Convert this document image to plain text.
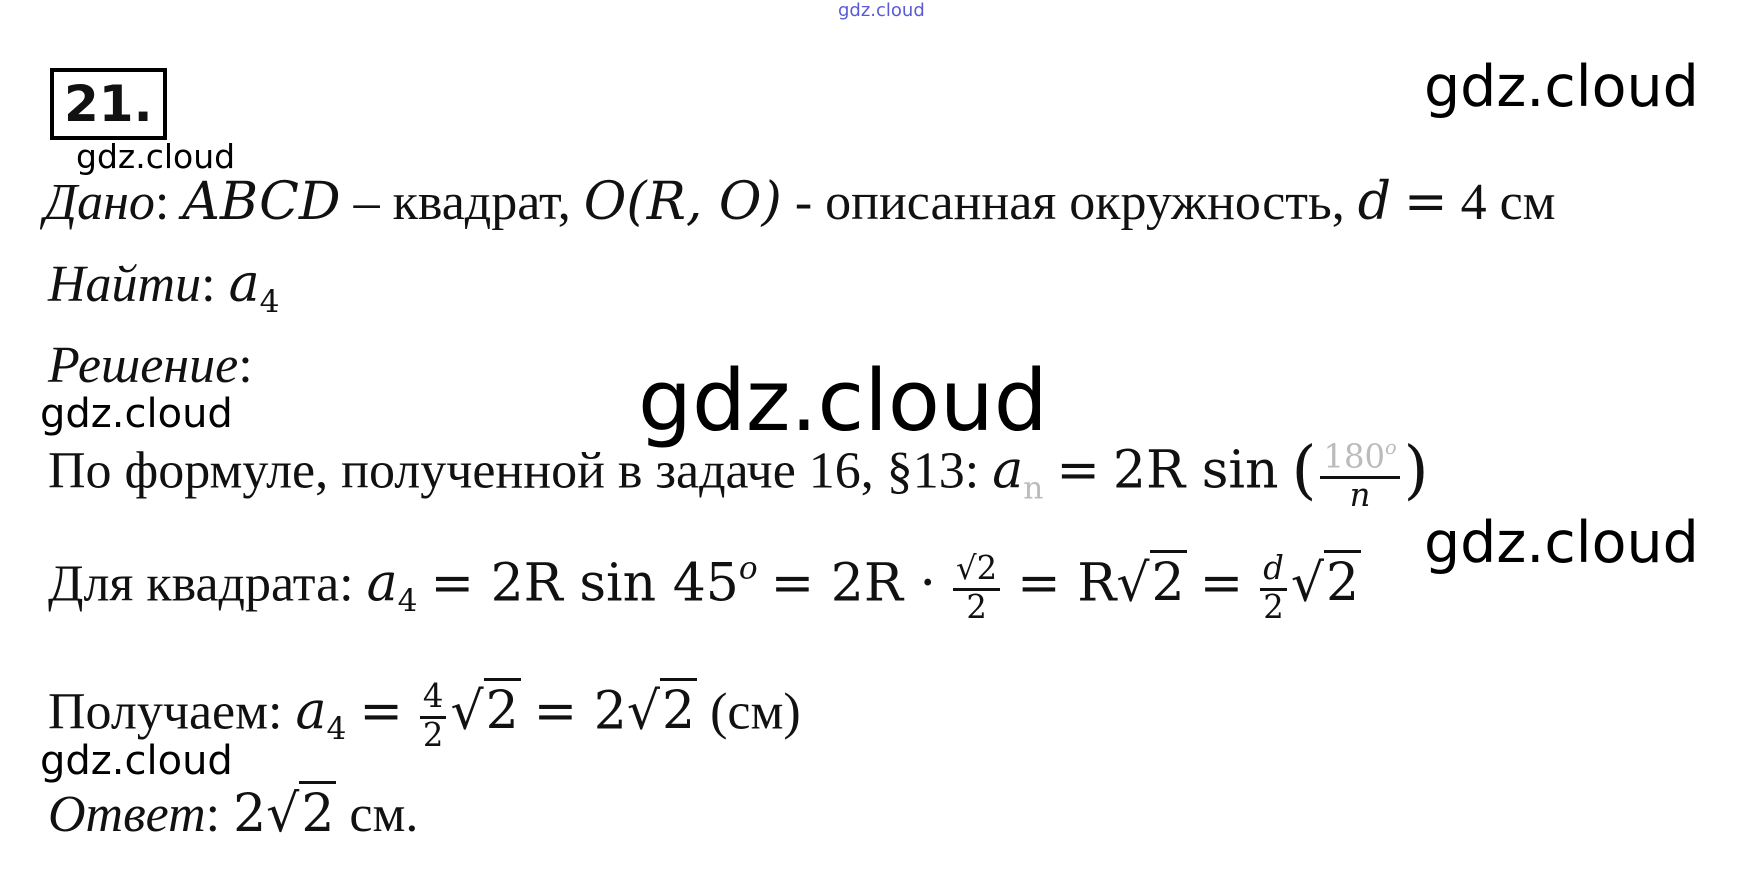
gdz.cloud
gdz.cloud
gdz.cloud
gdz.cloud	gdz.cloud
gdz.cloud
gdz.cloud
21.
Дано: ABCD – квадрат, O(R, O) - описанная окружность, d = 4 см
Найти: $a_4$
Решение:
По формуле, полученной в задаче 16, §13: $a_n = 2R$ sin ( $\frac{180^o}{n}$ )
Для квадрата: $a_4 = 2R$ $\sin 45^o = 2R \cdot \frac{√2}{2} = R√2 = \frac{d}{2} √2$
Получаем: $a_4 = \frac{4}{2} √2 = 2√2$ (см)
Ответ: 2√2 см.
